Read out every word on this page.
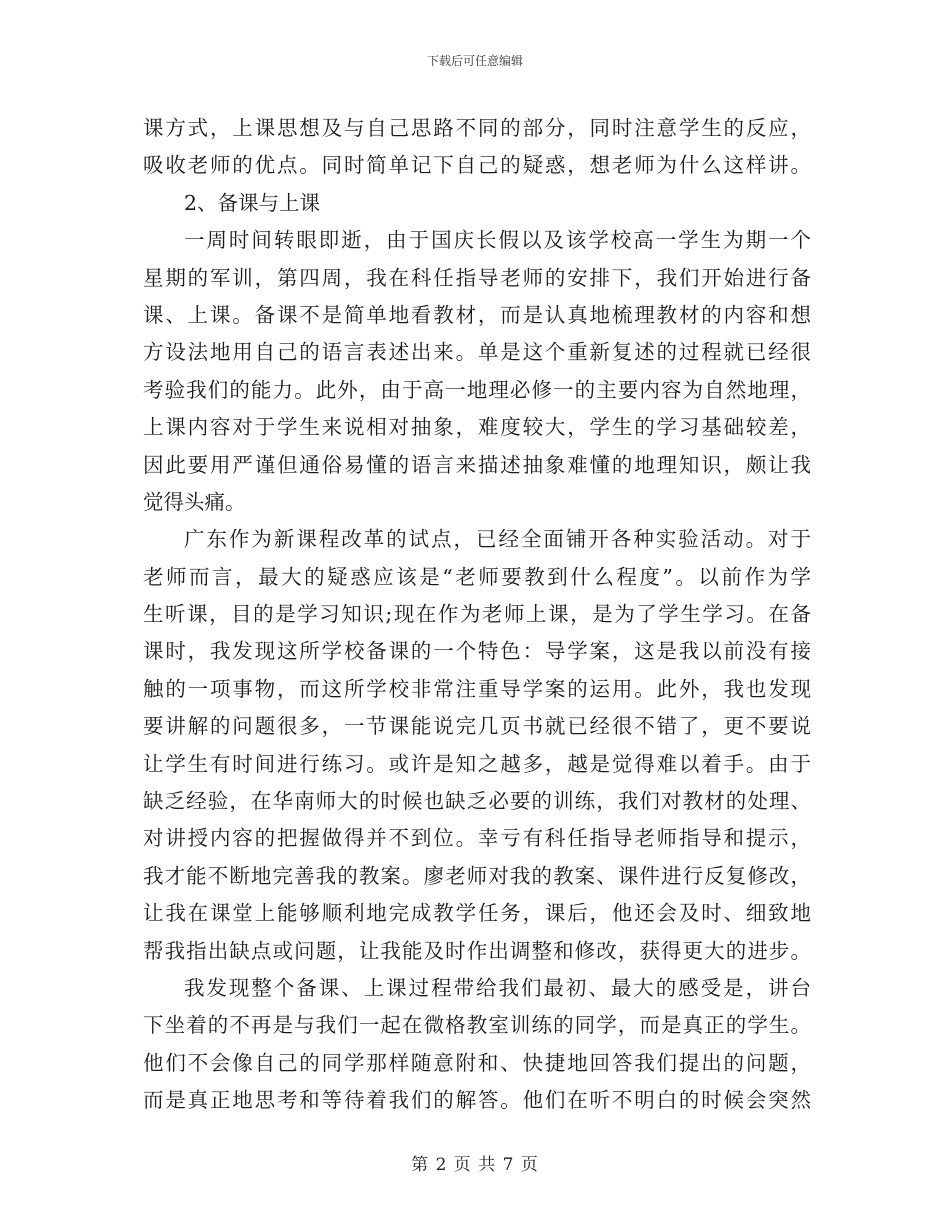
下载后可任意编辑
课方式，上课思想及与自己思路不同的部分，同时注意学生的反应，
吸收老师的优点。同时简单记下自己的疑惑，想老师为什么这样讲。
2、备课与上课
一周时间转眼即逝，由于国庆长假以及该学校高一学生为期一个
星期的军训，第四周，我在科任指导老师的安排下，我们开始进行备
课、上课。备课不是简单地看教材，而是认真地梳理教材的内容和想
方设法地用自己的语言表述出来。单是这个重新复述的过程就已经很
考验我们的能力。此外，由于高一地理必修一的主要内容为自然地理，
上课内容对于学生来说相对抽象，难度较大，学生的学习基础较差，
因此要用严谨但通俗易懂的语言来描述抽象难懂的地理知识，颇让我
觉得头痛。
广东作为新课程改革的试点，已经全面铺开各种实验活动。对于
老师而言，最大的疑惑应该是“老师要教到什么程度”。以前作为学
生听课，目的是学习知识;现在作为老师上课，是为了学生学习。在备
课时，我发现这所学校备课的一个特色：导学案，这是我以前没有接
触的一项事物，而这所学校非常注重导学案的运用。此外，我也发现
要讲解的问题很多，一节课能说完几页书就已经很不错了，更不要说
让学生有时间进行练习。或许是知之越多，越是觉得难以着手。由于
缺乏经验，在华南师大的时候也缺乏必要的训练，我们对教材的处理、
对讲授内容的把握做得并不到位。幸亏有科任指导老师指导和提示，
我才能不断地完善我的教案。廖老师对我的教案、课件进行反复修改，
让我在课堂上能够顺利地完成教学任务，课后，他还会及时、细致地
帮我指出缺点或问题，让我能及时作出调整和修改，获得更大的进步。
我发现整个备课、上课过程带给我们最初、最大的感受是，讲台
下坐着的不再是与我们一起在微格教室训练的同学，而是真正的学生。
他们不会像自己的同学那样随意附和、快捷地回答我们提出的问题，
而是真正地思考和等待着我们的解答。他们在听不明白的时候会突然
第 2 页 共 7 页
